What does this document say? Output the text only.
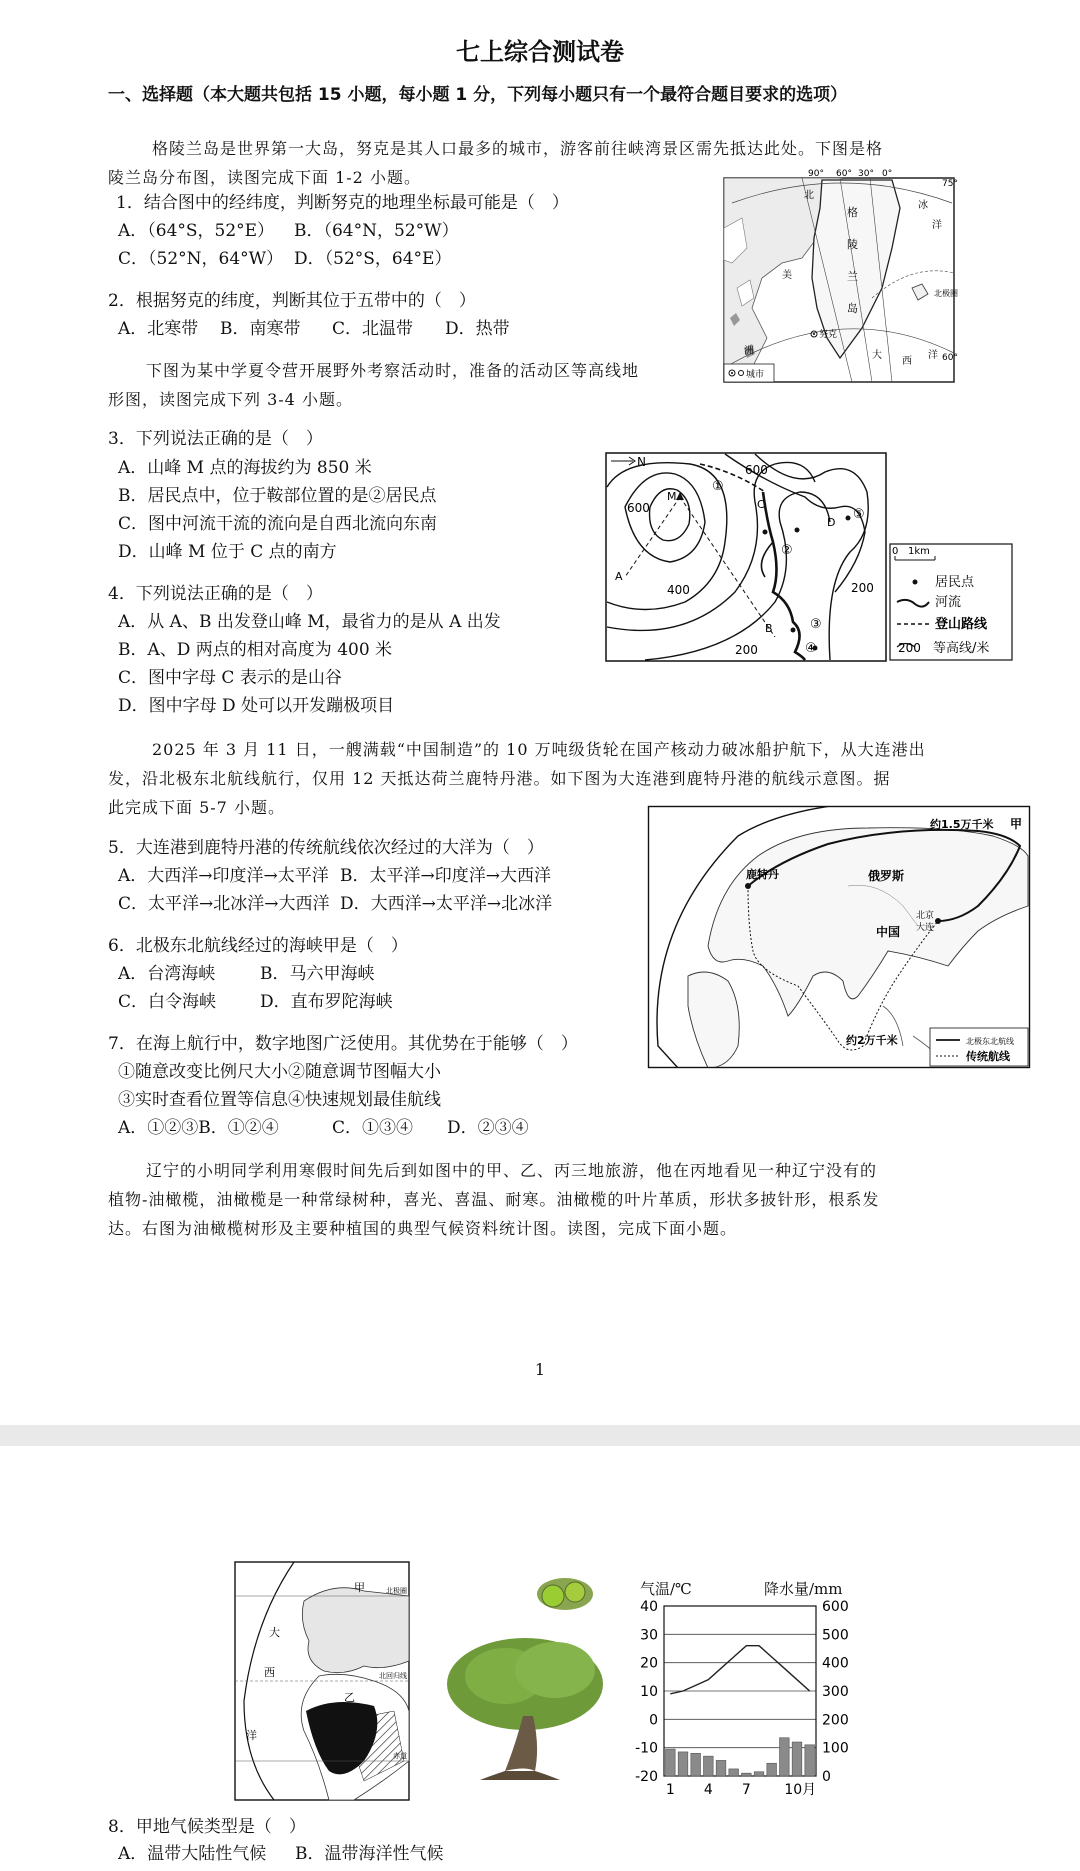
七上综合测试卷
一、选择题（本大题共包括 15 小题，每小题 1 分，下列每小题只有一个最符合题目要求的选项）
格陵兰岛是世界第一大岛，努克是其人口最多的城市，游客前往峡湾景区需先抵达此处。下图是格
陵兰岛分布图，读图完成下面 1-2 小题。
1．结合图中的经纬度，判断努克的地理坐标最可能是（　）
A．（64°S，52°E） B．（64°N，52°W）
C．（52°N，64°W） D．（52°S，64°E）
2．根据努克的纬度，判断其位于五带中的（　）
A．北寒带 B．南寒带 C．北温带 D．热带
90° 60° 30° 0°
75°
60°
格
陵
兰
岛
北
冰
洋
美
洲	大
西
洋
北极圈
努克
城市
下图为某中学夏令营开展野外考察活动时，准备的活动区等高线地
形图，读图完成下列 3-4 小题。
3．下列说法正确的是（　）
A．山峰 M 点的海拔约为 850 米
B．居民点中，位于鞍部位置的是②居民点
C．图中河流干流的流向是自西北流向东南
D．山峰 M 位于 C 点的南方
4．下列说法正确的是（　）
A．从 A、B 出发登山峰 M，最省力的是从 A 出发
B．A、D 两点的相对高度为 400 米
C．图中字母 C 表示的是山谷
D．图中字母 D 处可以开发蹦极项目
N
M
A
B
C
D
600
600
400
200
200
①
②
③
④
⑤
0 1km
居民点
河流
登山路线
200 等高线/米
2025 年 3 月 11 日，一艘满载“中国制造”的 10 万吨级货轮在国产核动力破冰船护航下，从大连港出
发，沿北极东北航线航行，仅用 12 天抵达荷兰鹿特丹港。如下图为大连港到鹿特丹港的航线示意图。据
此完成下面 5-7 小题。
5．大连港到鹿特丹港的传统航线依次经过的大洋为（　）
A．大西洋→印度洋→太平洋 B．太平洋→印度洋→大西洋
C．太平洋→北冰洋→大西洋 D．大西洋→太平洋→北冰洋
6．北极东北航线经过的海峡甲是（　）
A．台湾海峡	B．马六甲海峡
C．白令海峡	D．直布罗陀海峡
约1.5万千米 甲
鹿特丹	俄罗斯
中国
北京
大连
约2万千米	北极东北航线
传统航线
7．在海上航行中，数字地图广泛使用。其优势在于能够（　）
①随意改变比例尺大小②随意调节图幅大小
③实时查看位置等信息④快速规划最佳航线
A．①②③B．①②④	C．①③④ D．②③④
辽宁的小明同学利用寒假时间先后到如图中的甲、乙、丙三地旅游，他在丙地看见一种辽宁没有的
植物-油橄榄，油橄榄是一种常绿树种，喜光、喜温、耐寒。油橄榄的叶片革质，形状多披针形，根系发
达。右图为油橄榄树形及主要种植国的典型气候资料统计图。读图，完成下面小题。
1
甲
大
西
乙
洋
北极圈
北回归线
赤道
气温/℃	降水量/mm
40
30
20
10
0
-10
-20
600
500
400
300
200
100
0
1 4 7 10月
8．甲地气候类型是（　）
A．温带大陆性气候 B．温带海洋性气候
